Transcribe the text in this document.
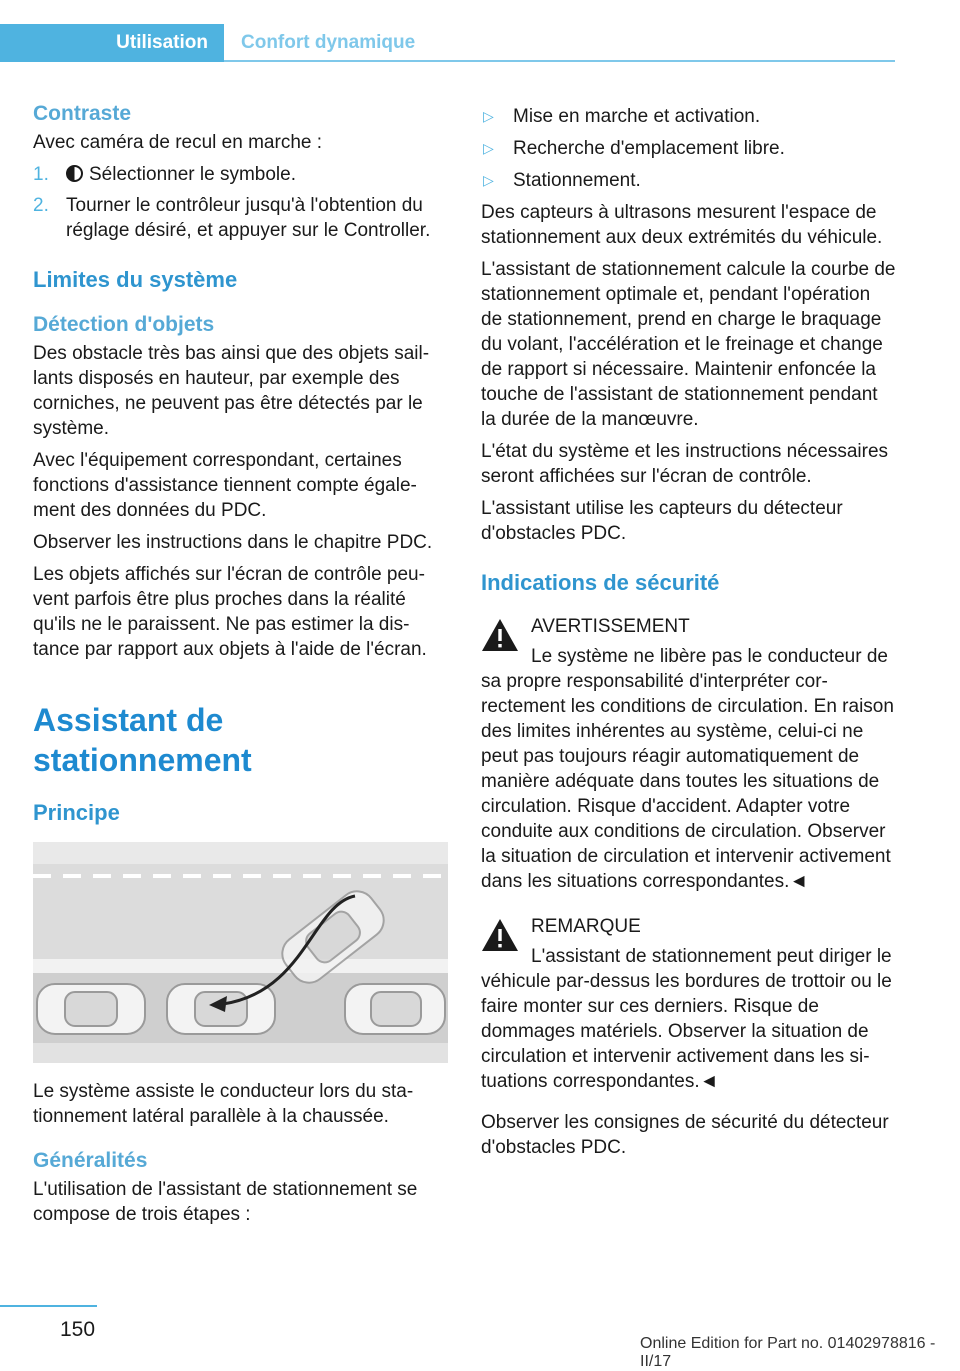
Utilisation	Confort dynamique
Contraste

Avec caméra de recul en marche :

1. Sélectionner le symbole.
2. Tourner le contrôleur jusqu'à l'obtention du réglage désiré, et appuyer sur le Controller.
Limites du système
Détection d'objets

Des obstacle très bas ainsi que des objets saillants disposés en hauteur, par exemple des corniches, ne peuvent pas être détectés par le système.

Avec l'équipement correspondant, certaines fonctions d'assistance tiennent compte également des données du PDC.

Observer les instructions dans le chapitre PDC.

Les objets affichés sur l'écran de contrôle peuvent parfois être plus proches dans la réalité qu'ils ne le paraissent. Ne pas estimer la distance par rapport aux objets à l'aide de l'écran.

Assistant de stationnement
Principe

Le système assiste le conducteur lors du stationnement latéral parallèle à la chaussée.

Généralités

L'utilisation de l'assistant de stationnement se compose de trois étapes :

▷ Mise en marche et activation.
▷ Recherche d'emplacement libre.
▷ Stationnement.

Des capteurs à ultrasons mesurent l'espace de stationnement aux deux extrémités du véhicule.

L'assistant de stationnement calcule la courbe de stationnement optimale et, pendant l'opération de stationnement, prend en charge le braquage du volant, l'accélération et le freinage et change de rapport si nécessaire. Maintenir enfoncée la touche de l'assistant de stationnement pendant la durée de la manœuvre.

L'état du système et les instructions nécessaires seront affichées sur l'écran de contrôle.

L'assistant utilise les capteurs du détecteur d'obstacles PDC.

Indications de sécurité

AVERTISSEMENT

Le système ne libère pas le conducteur de sa propre responsabilité d'interpréter correctement les conditions de circulation. En raison des limites inhérentes au système, celui-ci ne peut pas toujours réagir automatiquement de manière adéquate dans toutes les situations de circulation. Risque d'accident. Adapter votre conduite aux conditions de circulation. Observer la situation de circulation et intervenir activement dans les situations correspondantes.◄

REMARQUE

L'assistant de stationnement peut diriger le véhicule par-dessus les bordures de trottoir ou le faire monter sur ces derniers. Risque de dommages matériels. Observer la situation de circulation et intervenir activement dans les situations correspondantes.◄

Observer les consignes de sécurité du détecteur d'obstacles PDC.

150
Online Edition for Part no. 01402978816 - II/17
